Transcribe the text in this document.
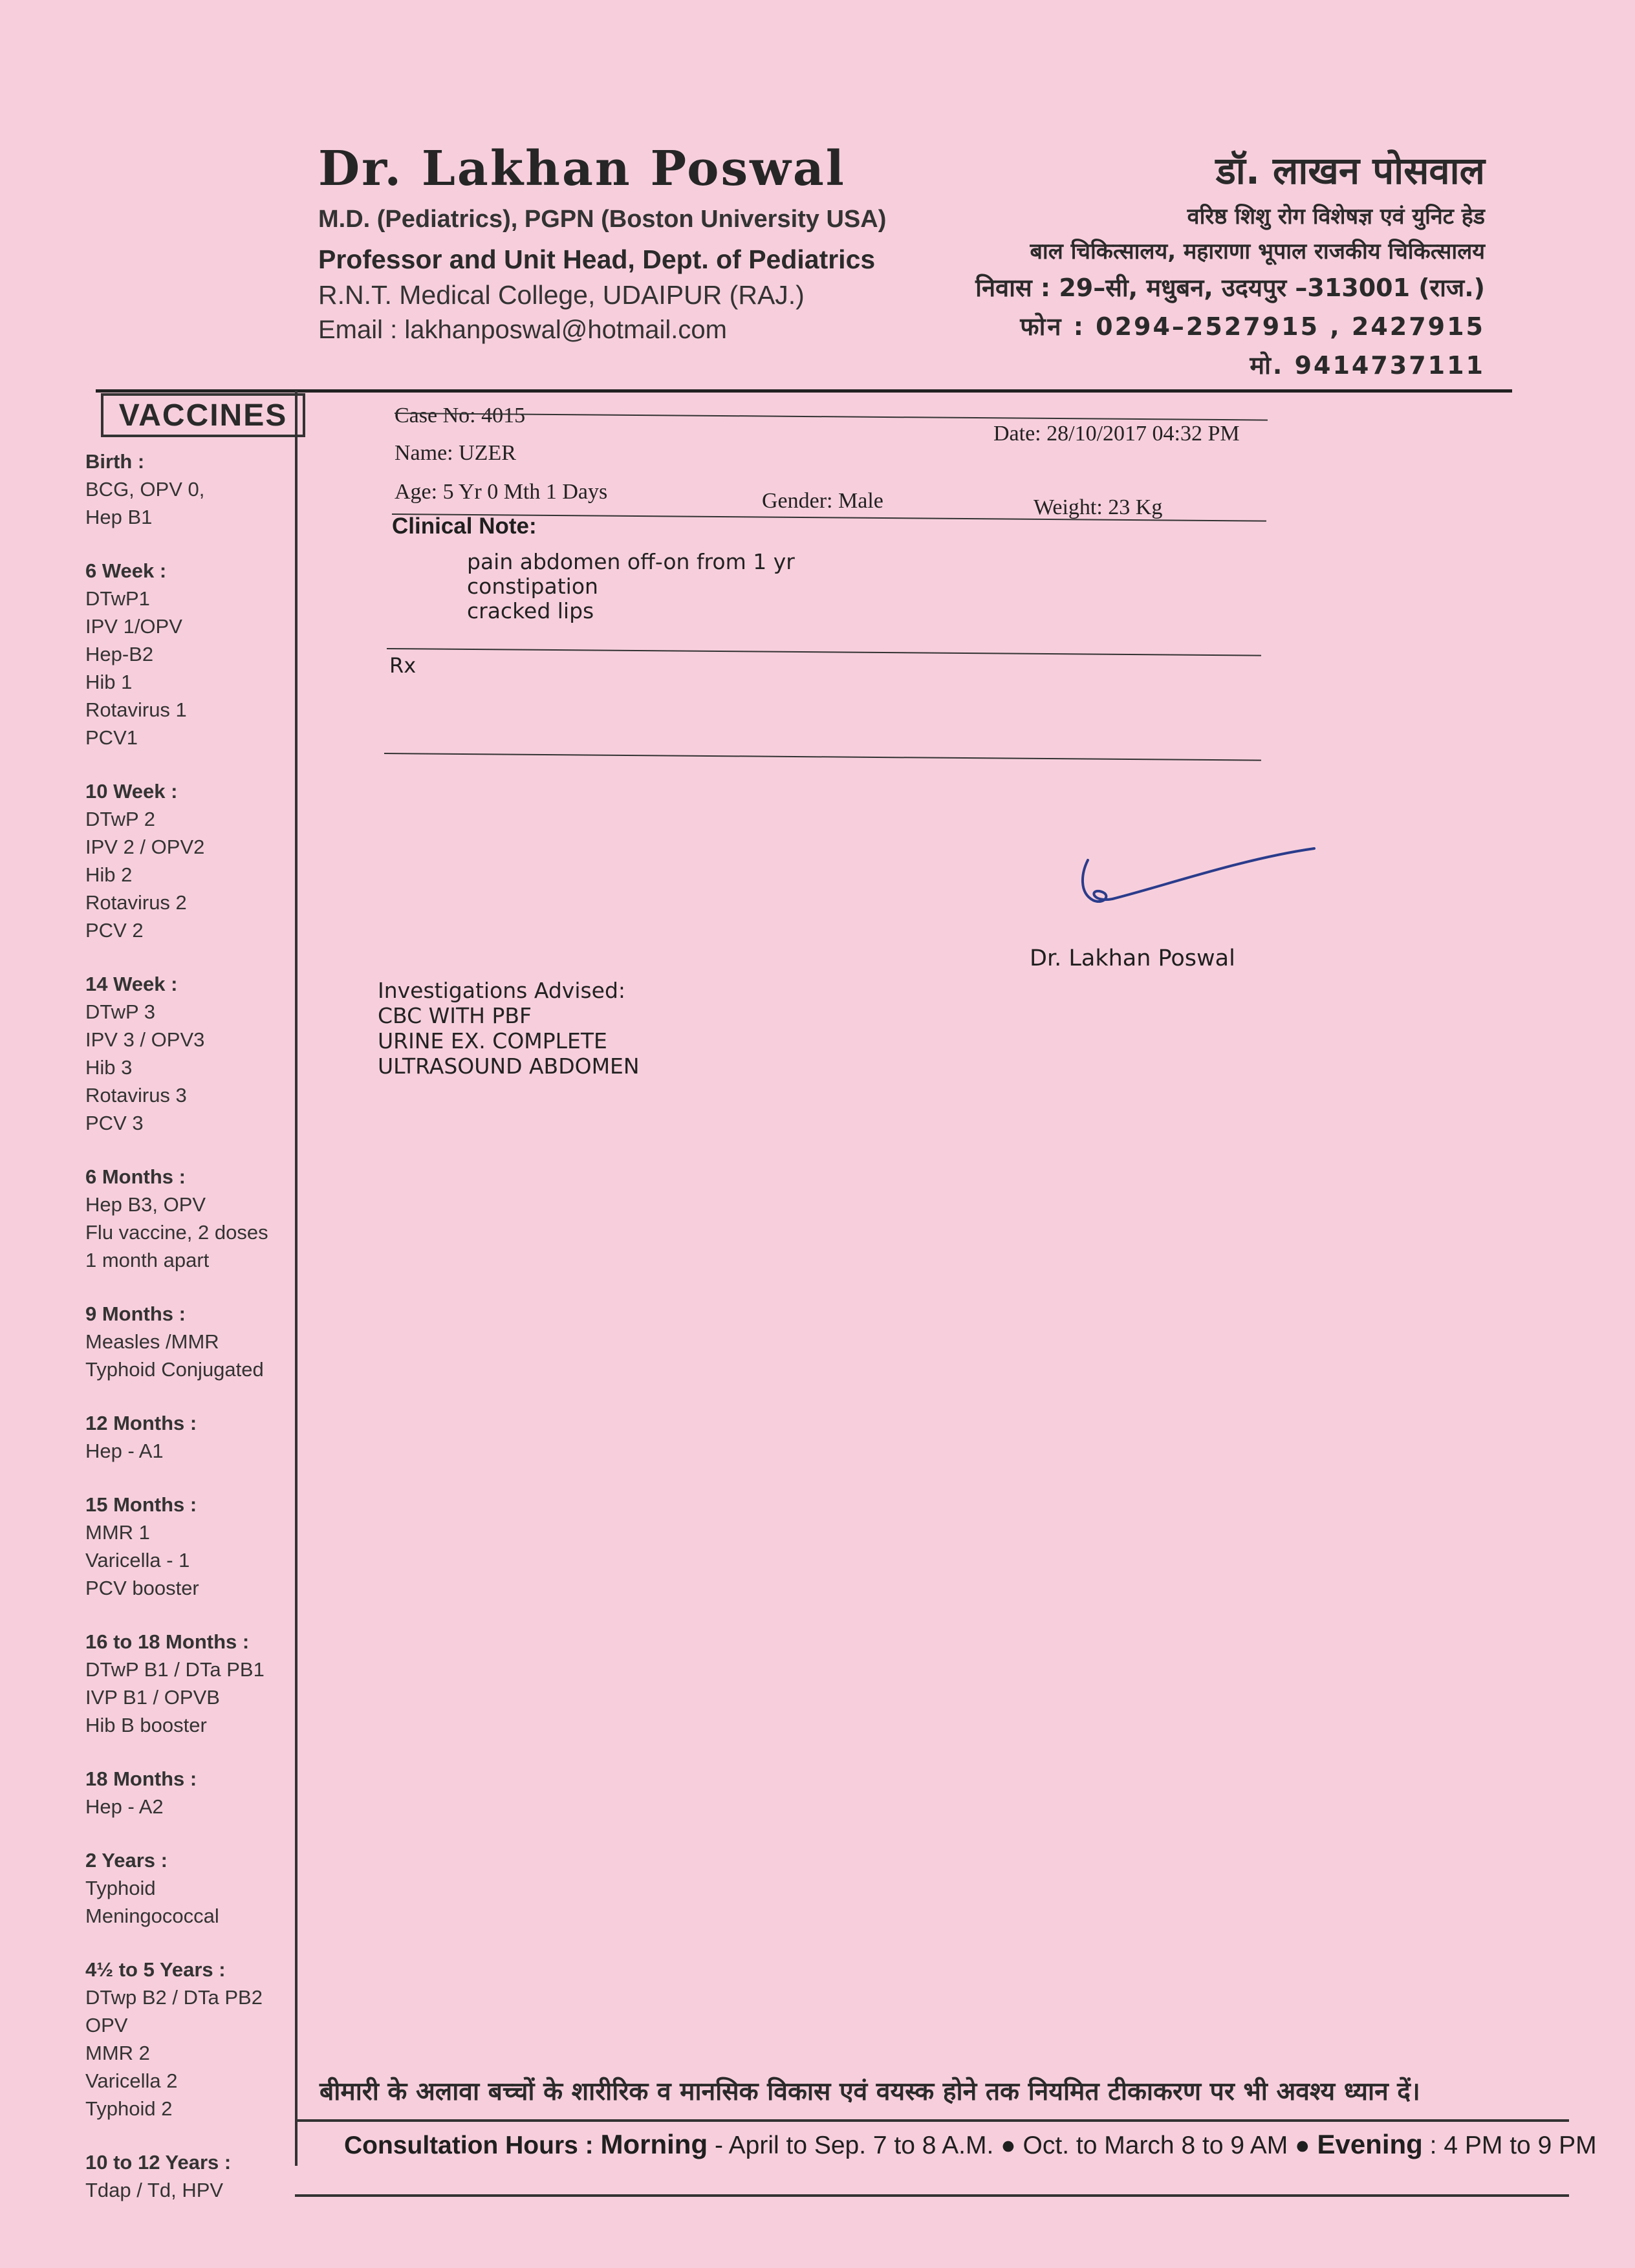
Dr. Lakhan Poswal
M.D. (Pediatrics), PGPN (Boston University USA)
Professor and Unit Head, Dept. of Pediatrics
R.N.T. Medical College, UDAIPUR (RAJ.)
Email : lakhanposwal@hotmail.com
डॉ. लाखन पोसवाल
वरिष्ठ शिशु रोग विशेषज्ञ एवं युनिट हेड
बाल चिकित्सालय, महाराणा भूपाल राजकीय चिकित्सालय
निवास : 29–सी, मधुबन, उदयपुर –313001 (राज.)
फोन : 0294–2527915 , 2427915
मो. 9414737111
VACCINES
Birth :
BCG, OPV 0,
Hep B1
6 Week :
DTwP1
IPV 1/OPV
Hep-B2
Hib 1
Rotavirus 1
PCV1
10 Week :
DTwP 2
IPV 2 / OPV2
Hib 2
Rotavirus 2
PCV 2
14 Week :
DTwP 3
IPV 3 / OPV3
Hib 3
Rotavirus 3
PCV 3
6 Months :
Hep B3, OPV
Flu vaccine, 2 doses
1 month apart
9 Months :
Measles /MMR
Typhoid Conjugated
12 Months :
Hep - A1
15 Months :
MMR 1
Varicella - 1
PCV booster
16 to 18 Months :
DTwP B1 / DTa PB1
IVP B1 / OPVB
Hib B booster
18 Months :
Hep - A2
2 Years :
Typhoid
Meningococcal
4½ to 5 Years :
DTwp B2 / DTa PB2
OPV
MMR 2
Varicella 2
Typhoid 2
10 to 12 Years :
Tdap / Td, HPV
Case No: 4015
Date: 28/10/2017 04:32 PM
Name: UZER
Age: 5 Yr 0 Mth 1 Days	Gender: Male	Weight: 23 Kg
Clinical Note:
pain abdomen off-on from 1 yr
constipation
cracked lips
Rx
Dr. Lakhan Poswal
Investigations Advised:
CBC WITH PBF
URINE EX. COMPLETE
ULTRASOUND ABDOMEN
बीमारी के अलावा बच्चों के शारीरिक व मानसिक विकास एवं वयस्क होने तक नियमित टीकाकरण पर भी अवश्य ध्यान दें।
Consultation Hours : Morning - April to Sep. 7 to 8 A.M. ● Oct. to March 8 to 9 AM ● Evening : 4 PM to 9 PM
